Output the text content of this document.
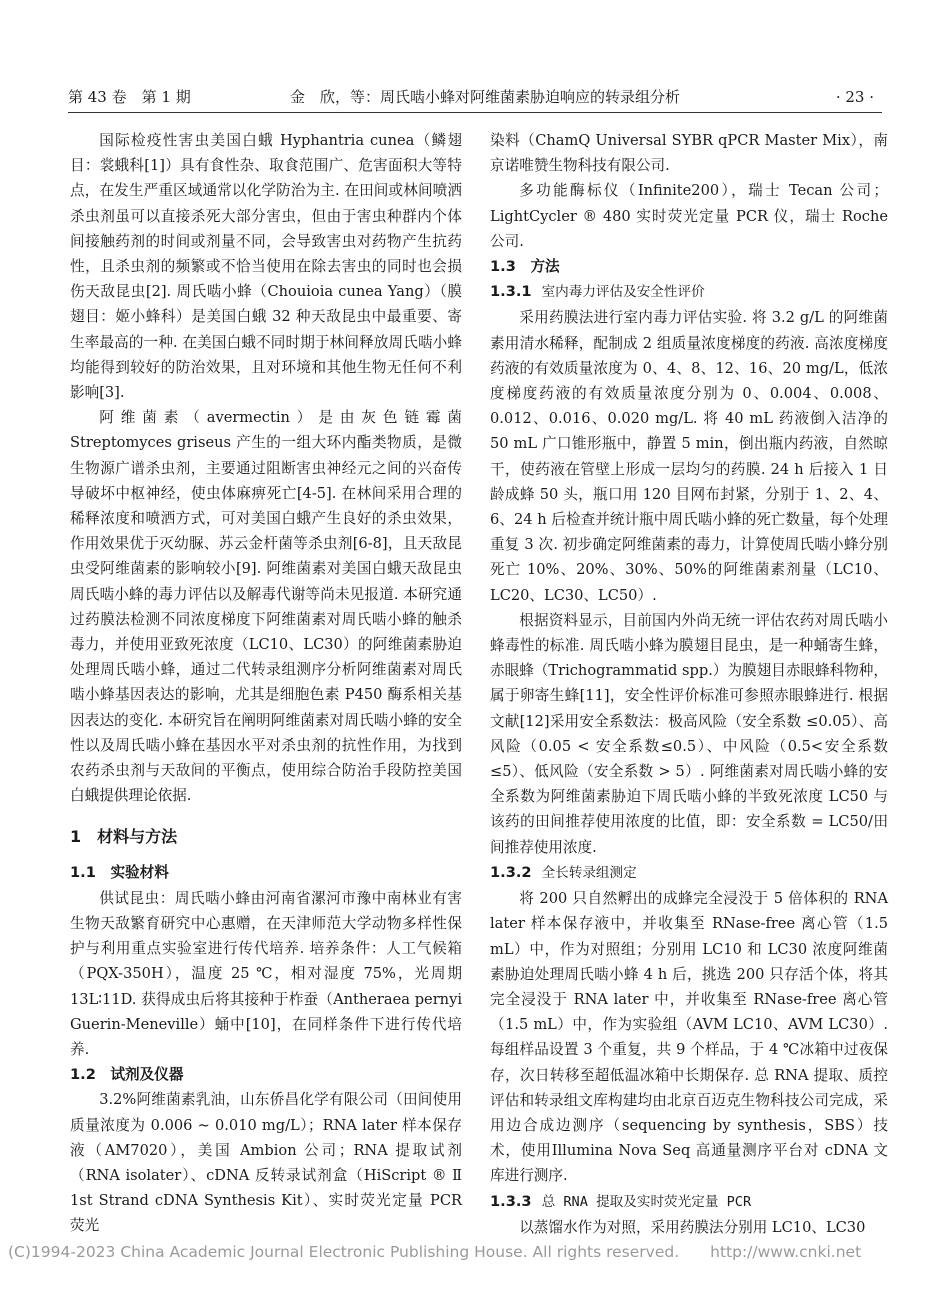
第 43 卷　第 1 期	金　欣，等：周氏啮小蜂对阿维菌素胁迫响应的转录组分析	· 23 ·

国际检疫性害虫美国白蛾 Hyphantria cunea（鳞翅目：裳蛾科[1]）具有食性杂、取食范围广、危害面积大等特点，在发生严重区域通常以化学防治为主. 在田间或林间喷洒杀虫剂虽可以直接杀死大部分害虫，但由于害虫种群内个体间接触药剂的时间或剂量不同，会导致害虫对药物产生抗药性，且杀虫剂的频繁或不恰当使用在除去害虫的同时也会损伤天敌昆虫[2]. 周氏啮小蜂（Chouioia cunea Yang）（膜翅目：姬小蜂科）是美国白蛾 32 种天敌昆虫中最重要、寄生率最高的一种. 在美国白蛾不同时期于林间释放周氏啮小蜂均能得到较好的防治效果，且对环境和其他生物无任何不利影响[3].

阿维菌素（avermectin）是由灰色链霉菌 Streptomyces griseus 产生的一组大环内酯类物质，是微生物源广谱杀虫剂，主要通过阻断害虫神经元之间的兴奋传导破坏中枢神经，使虫体麻痹死亡[4-5]. 在林间采用合理的稀释浓度和喷洒方式，可对美国白蛾产生良好的杀虫效果，作用效果优于灭幼脲、苏云金杆菌等杀虫剂[6-8]，且天敌昆虫受阿维菌素的影响较小[9]. 阿维菌素对美国白蛾天敌昆虫周氏啮小蜂的毒力评估以及解毒代谢等尚未见报道. 本研究通过药膜法检测不同浓度梯度下阿维菌素对周氏啮小蜂的触杀毒力，并使用亚致死浓度（LC10、LC30）的阿维菌素胁迫处理周氏啮小蜂，通过二代转录组测序分析阿维菌素对周氏啮小蜂基因表达的影响，尤其是细胞色素 P450 酶系相关基因表达的变化. 本研究旨在阐明阿维菌素对周氏啮小蜂的安全性以及周氏啮小蜂在基因水平对杀虫剂的抗性作用，为找到农药杀虫剂与天敌间的平衡点，使用综合防治手段防控美国白蛾提供理论依据.

1　材料与方法
1.1　实验材料

供试昆虫：周氏啮小蜂由河南省漯河市豫中南林业有害生物天敌繁育研究中心惠赠，在天津师范大学动物多样性保护与利用重点实验室进行传代培养. 培养条件：人工气候箱（PQX-350H），温度 25 ℃，相对湿度 75%，光周期 13L∶11D. 获得成虫后将其接种于柞蚕（Antheraea pernyi Guerin-Meneville）蛹中[10]，在同样条件下进行传代培养.

1.2　试剂及仪器

3.2%阿维菌素乳油，山东侨昌化学有限公司（田间使用质量浓度为 0.006 ~ 0.010 mg/L）；RNA later 样本保存液（AM7020），美国 Ambion 公司；RNA 提取试剂（RNA isolater）、cDNA 反转录试剂盒（HiScript ® Ⅱ 1st Strand cDNA Synthesis Kit）、实时荧光定量 PCR 荧光

染料（ChamQ Universal SYBR qPCR Master Mix），南京诺唯赞生物科技有限公司.

多功能酶标仪（Infinite200），瑞士 Tecan 公司；LightCycler ® 480 实时荧光定量 PCR 仪，瑞士 Roche 公司.

1.3　方法
1.3.1 室内毒力评估及安全性评价

采用药膜法进行室内毒力评估实验. 将 3.2 g/L 的阿维菌素用清水稀释，配制成 2 组质量浓度梯度的药液. 高浓度梯度药液的有效质量浓度为 0、4、8、12、16、20 mg/L，低浓度梯度药液的有效质量浓度分别为 0、0.004、0.008、0.012、0.016、0.020 mg/L. 将 40 mL 药液倒入洁净的 50 mL 广口锥形瓶中，静置 5 min，倒出瓶内药液，自然晾干，使药液在管壁上形成一层均匀的药膜. 24 h 后接入 1 日龄成蜂 50 头，瓶口用 120 目网布封紧，分别于 1、2、4、6、24 h 后检查并统计瓶中周氏啮小蜂的死亡数量，每个处理重复 3 次. 初步确定阿维菌素的毒力，计算使周氏啮小蜂分别死亡 10%、20%、30%、50%的阿维菌素剂量（LC10、LC20、LC30、LC50）.

根据资料显示，目前国内外尚无统一评估农药对周氏啮小蜂毒性的标准. 周氏啮小蜂为膜翅目昆虫，是一种蛹寄生蜂，赤眼蜂（Trichogrammatid spp.）为膜翅目赤眼蜂科物种，属于卵寄生蜂[11]，安全性评价标准可参照赤眼蜂进行. 根据文献[12]采用安全系数法：极高风险（安全系数 ≤0.05）、高风险（0.05 < 安全系数≤0.5）、中风险（0.5<安全系数≤5）、低风险（安全系数 > 5）. 阿维菌素对周氏啮小蜂的安全系数为阿维菌素胁迫下周氏啮小蜂的半致死浓度 LC50 与该药的田间推荐使用浓度的比值，即：安全系数 = LC50/田间推荐使用浓度.

1.3.2 全长转录组测定

将 200 只自然孵出的成蜂完全浸没于 5 倍体积的 RNA later 样本保存液中，并收集至 RNase-free 离心管（1.5 mL）中，作为对照组；分别用 LC10 和 LC30 浓度阿维菌素胁迫处理周氏啮小蜂 4 h 后，挑选 200 只存活个体，将其完全浸没于 RNA later 中，并收集至 RNase-free 离心管（1.5 mL）中，作为实验组（AVM LC10、AVM LC30）. 每组样品设置 3 个重复，共 9 个样品，于 4 ℃冰箱中过夜保存，次日转移至超低温冰箱中长期保存. 总 RNA 提取、质控评估和转录组文库构建均由北京百迈克生物科技公司完成，采用边合成边测序（sequencing by synthesis，SBS）技术，使用Illumina Nova Seq 高通量测序平台对 cDNA 文库进行测序.

1.3.3 总 RNA 提取及实时荧光定量 PCR

以蒸馏水作为对照，采用药膜法分别用 LC10、LC30

(C)1994-2023 China Academic Journal Electronic Publishing House. All rights reserved.　　http://www.cnki.net
